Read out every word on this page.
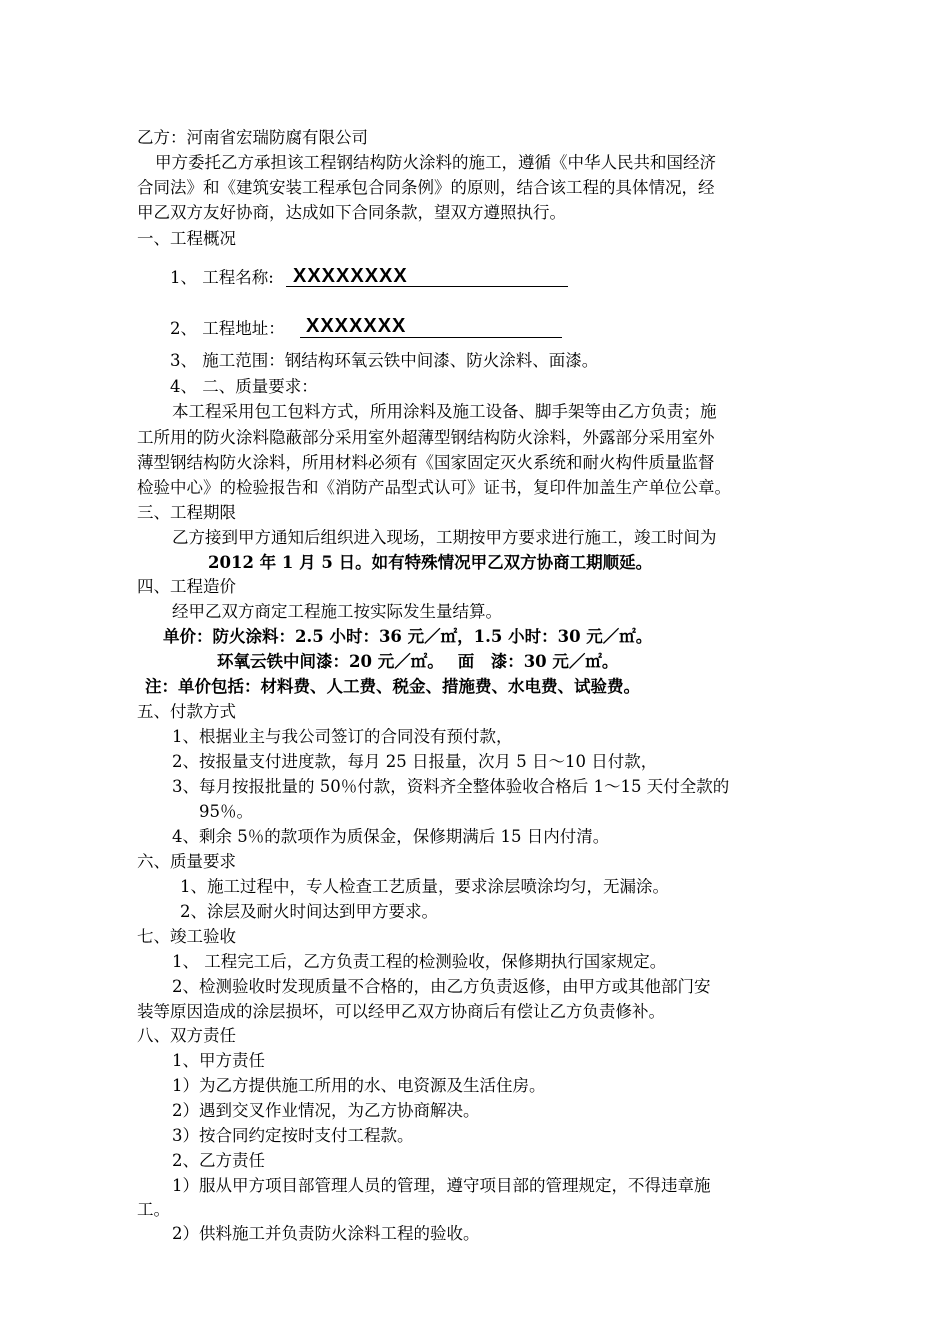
乙方：河南省宏瑞防腐有限公司
甲方委托乙方承担该工程钢结构防火涂料的施工，遵循《中华人民共和国经济
合同法》和《建筑安装工程承包合同条例》的原则，结合该工程的具体情况，经
甲乙双方友好协商，达成如下合同条款，望双方遵照执行。
一、工程概况
1、 工程名称: XXXXXXXX
2、 工程地址： XXXXXXX
3、 施工范围：钢结构环氧云铁中间漆、防火涂料、面漆。
4、 二、质量要求：
本工程采用包工包料方式，所用涂料及施工设备、脚手架等由乙方负责；施
工所用的防火涂料隐蔽部分采用室外超薄型钢结构防火涂料，外露部分采用室外
薄型钢结构防火涂料，所用材料必须有《国家固定灭火系统和耐火构件质量监督
检验中心》的检验报告和《消防产品型式认可》证书，复印件加盖生产单位公章。
三、工程期限
乙方接到甲方通知后组织进入现场，工期按甲方要求进行施工，竣工时间为
2012 年 1 月 5 日。如有特殊情况甲乙双方协商工期顺延。
四、工程造价
经甲乙双方商定工程施工按实际发生量结算。
单价：防火涂料：2.5 小时：36 元／㎡，1.5 小时：30 元／㎡。
环氧云铁中间漆：20 元／㎡。　 面　漆：30 元／㎡。
注：单价包括：材料费、人工费、税金、措施费、水电费、试验费。
五、付款方式
1、根据业主与我公司签订的合同没有预付款，
2、按报量支付进度款，每月 25 日报量，次月 5 日～10 日付款，
3、每月按报批量的 50％付款，资料齐全整体验收合格后 1～15 天付全款的
95％。
4、剩余 5％的款项作为质保金，保修期满后 15 日内付清。
六、质量要求
1、施工过程中，专人检查工艺质量，要求涂层喷涂均匀，无漏涂。
2、涂层及耐火时间达到甲方要求。
七、竣工验收
1、 工程完工后，乙方负责工程的检测验收，保修期执行国家规定。
2、检测验收时发现质量不合格的，由乙方负责返修，由甲方或其他部门安
装等原因造成的涂层损坏，可以经甲乙双方协商后有偿让乙方负责修补。
八、双方责任
1、甲方责任
1）为乙方提供施工所用的水、电资源及生活住房。
2）遇到交叉作业情况，为乙方协商解决。
3）按合同约定按时支付工程款。
2、乙方责任
1）服从甲方项目部管理人员的管理，遵守项目部的管理规定，不得违章施
工。
2）供料施工并负责防火涂料工程的验收。
